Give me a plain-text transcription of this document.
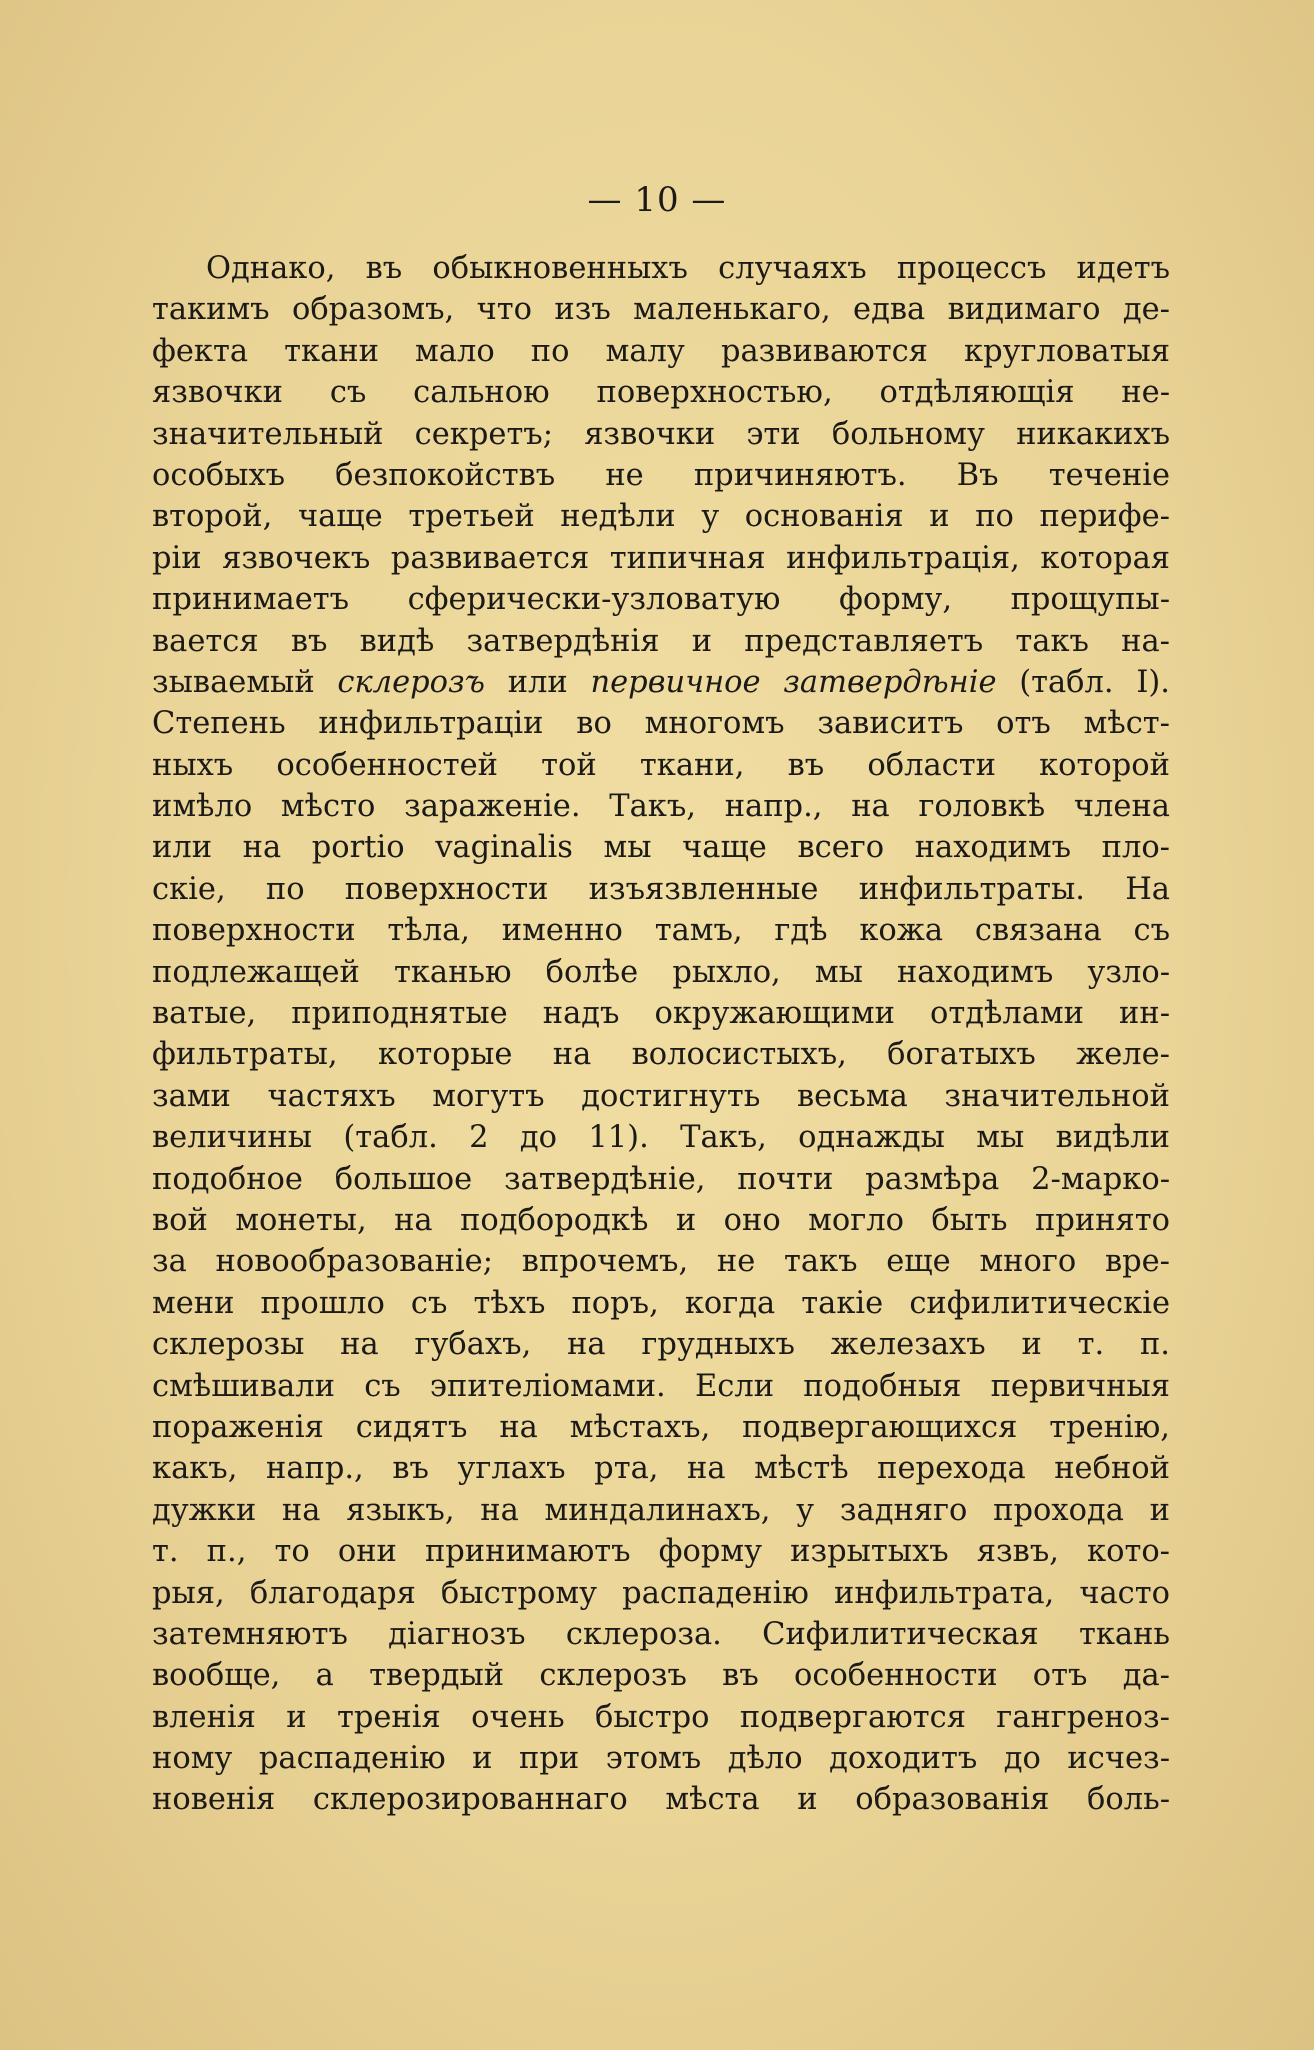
— 10 —
Однако, въ обыкновенныхъ случаяхъ процессъ идетъ
такимъ образомъ, что изъ маленькаго, едва видимаго де-
фекта ткани мало по малу развиваются кругловатыя
язвочки съ сальною поверхностью, отдѣляющія не-
значительный секретъ; язвочки эти больному никакихъ
особыхъ безпокойствъ не причиняютъ. Въ теченіе
второй, чаще третьей недѣли у основанія и по перифе-
ріи язвочекъ развивается типичная инфильтрація, которая
принимаетъ сферически-узловатую форму, прощупы-
вается въ видѣ затвердѣнія и представляетъ такъ на-
зываемый склерозъ или первичное затвердѣніе (табл. I).
Степень инфильтраціи во многомъ зависитъ отъ мѣст-
ныхъ особенностей той ткани, въ области которой
имѣло мѣсто зараженіе. Такъ, напр., на головкѣ члена
или на portio vaginalis мы чаще всего находимъ пло-
скіе, по поверхности изъязвленные инфильтраты. На
поверхности тѣла, именно тамъ, гдѣ кожа связана съ
подлежащей тканью болѣе рыхло, мы находимъ узло-
ватые, приподнятые надъ окружающими отдѣлами ин-
фильтраты, которые на волосистыхъ, богатыхъ желе-
зами частяхъ могутъ достигнуть весьма значительной
величины (табл. 2 до 11). Такъ, однажды мы видѣли
подобное большое затвердѣніе, почти размѣра 2-марко-
вой монеты, на подбородкѣ и оно могло быть принято
за новообразованіе; впрочемъ, не такъ еще много вре-
мени прошло съ тѣхъ поръ, когда такіе сифилитическіе
склерозы на губахъ, на грудныхъ железахъ и т. п.
смѣшивали съ эпителіомами. Если подобныя первичныя
пораженія сидятъ на мѣстахъ, подвергающихся тренію,
какъ, напр., въ углахъ рта, на мѣстѣ перехода небной
дужки на языкъ, на миндалинахъ, у задняго прохода и
т. п., то они принимаютъ форму изрытыхъ язвъ, кото-
рыя, благодаря быстрому распаденію инфильтрата, часто
затемняютъ діагнозъ склероза. Сифилитическая ткань
вообще, а твердый склерозъ въ особенности отъ да-
вленія и тренія очень быстро подвергаются гангреноз-
ному распаденію и при этомъ дѣло доходитъ до исчез-
новенія склерозированнаго мѣста и образованія боль-
